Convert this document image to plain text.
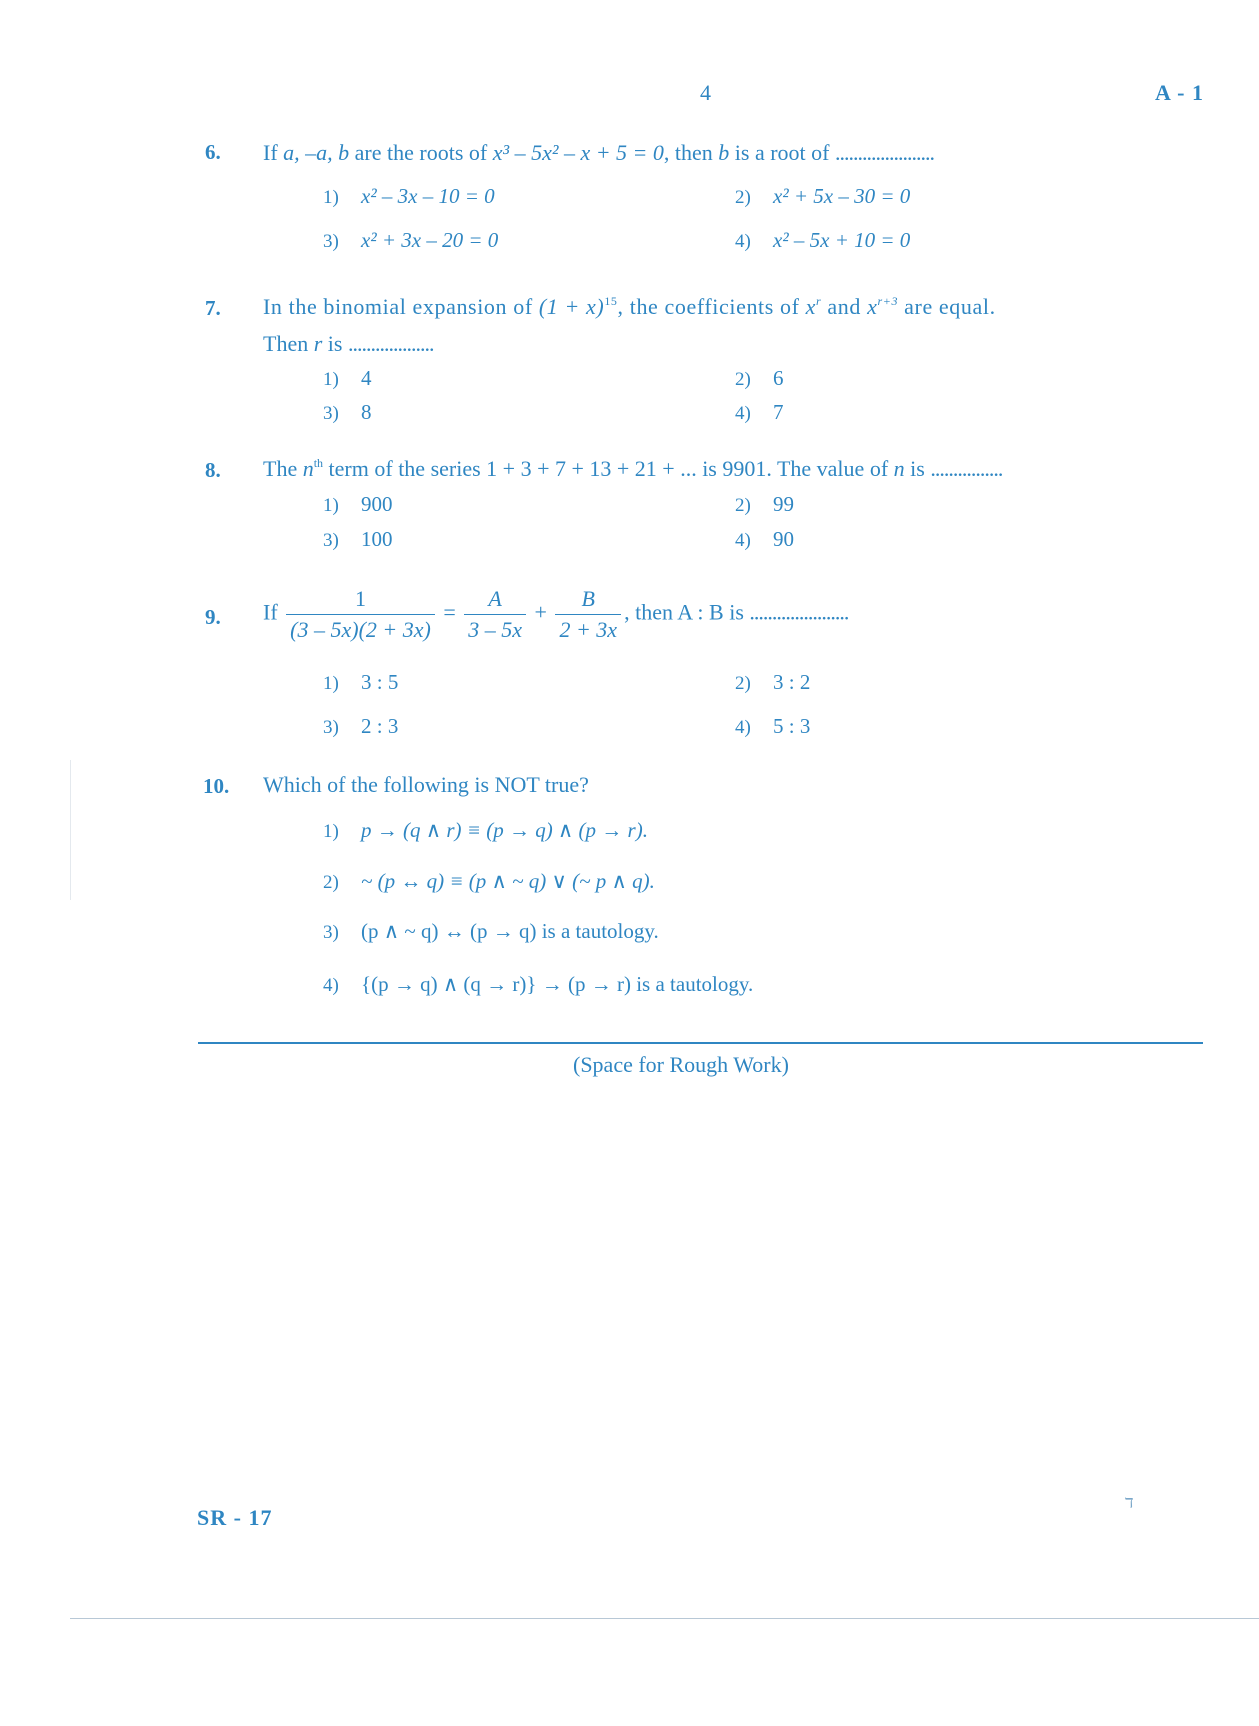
4	A - 1
6. If a, –a, b are the roots of x³ – 5x² – x + 5 = 0, then b is a root of ......................
1) x² – 3x – 10 = 0	2) x² + 5x – 30 = 0
3) x² + 3x – 20 = 0	4) x² – 5x + 10 = 0
7. In the binomial expansion of $(1 + x)^{15}$, the coefficients of $x^r$ and $x^{r+3}$ are equal.
Then r is ...................
1) 4	2) 6
3) 8	4) 7
8. The $n^{th}$ term of the series 1 + 3 + 7 + 13 + 21 + ... is 9901. The value of n is ................
1) 900	2) 99
3) 100	4) 90
9. If $\frac{1}{(3 - 5x)(2 + 3x)} = \frac{A}{3 - 5x} + \frac{B}{2 + 3x}$ , then A : B is ......................
1) 3 : 5	2) 3 : 2
3) 2 : 3	4) 5 : 3
10. Which of the following is NOT true?
1) p → (q ∧ r) ≡ (p → q) ∧ (p → r).
2) ~ (p ↔ q) ≡ (p ∧ ~ q) ∨ (~ p ∧ q).
3) (p ∧ ~ q) ↔ (p → q) is a tautology.
4) {(p → q) ∧ (q → r)} → (p → r) is a tautology.
(Space for Rough Work)
SR - 17
ד
